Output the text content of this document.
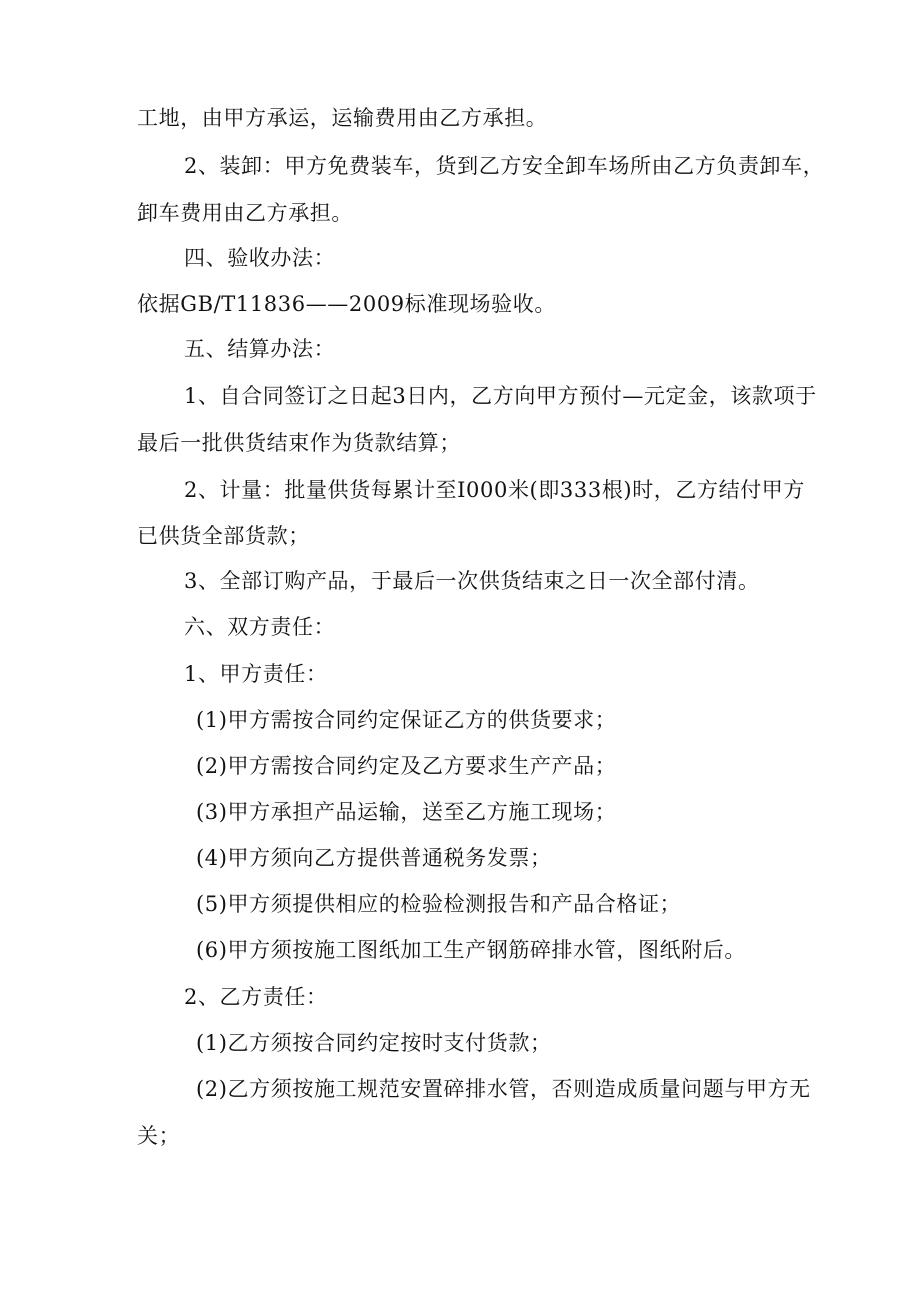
工地，由甲方承运，运输费用由乙方承担。
2、装卸：甲方免费装车，货到乙方安全卸车场所由乙方负责卸车，
卸车费用由乙方承担。
四、验收办法：
依据GB/T11836——2009标准现场验收。
五、结算办法：
1、自合同签订之日起3日内，乙方向甲方预付—元定金，该款项于
最后一批供货结束作为货款结算；
2、计量：批量供货每累计至I000米(即333根)时，乙方结付甲方
已供货全部货款；
3、全部订购产品，于最后一次供货结束之日一次全部付清。
六、双方责任：
1、甲方责任：
(1)甲方需按合同约定保证乙方的供货要求；
(2)甲方需按合同约定及乙方要求生产产品；
(3)甲方承担产品运输，送至乙方施工现场；
(4)甲方须向乙方提供普通税务发票；
(5)甲方须提供相应的检验检测报告和产品合格证；
(6)甲方须按施工图纸加工生产钢筋碎排水管，图纸附后。
2、乙方责任：
(1)乙方须按合同约定按时支付货款；
(2)乙方须按施工规范安置碎排水管，否则造成质量问题与甲方无
关；
